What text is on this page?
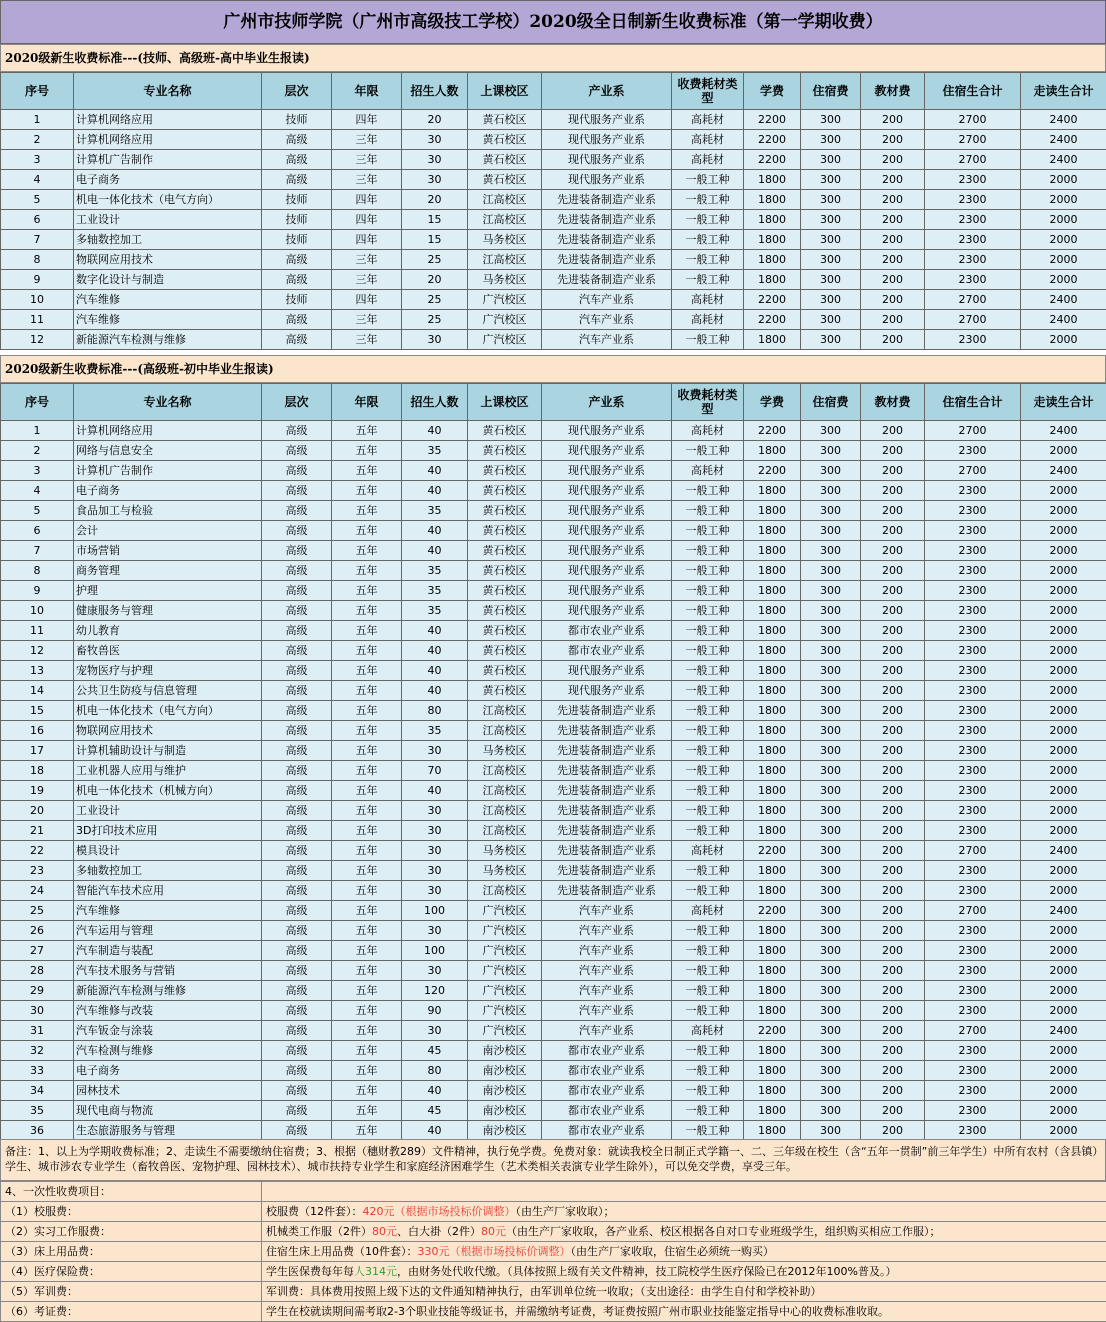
广州市技师学院（广州市高级技工学校）2020级全日制新生收费标准（第一学期收费）
2020级新生收费标准---(技师、高级班-高中毕业生报读)
序号	专业名称	层次	年限	招生人数	上课校区	产业系	收费耗材类型	学费	住宿费	教材费	住宿生合计	走读生合计
1	计算机网络应用	技师	四年	20	黄石校区	现代服务产业系	高耗材	2200	300	200	2700	2400
2	计算机网络应用	高级	三年	30	黄石校区	现代服务产业系	高耗材	2200	300	200	2700	2400
3	计算机广告制作	高级	三年	30	黄石校区	现代服务产业系	高耗材	2200	300	200	2700	2400
4	电子商务	高级	三年	30	黄石校区	现代服务产业系	一般工种	1800	300	200	2300	2000
5	机电一体化技术（电气方向）	技师	四年	20	江高校区	先进装备制造产业系	一般工种	1800	300	200	2300	2000
6	工业设计	技师	四年	15	江高校区	先进装备制造产业系	一般工种	1800	300	200	2300	2000
7	多轴数控加工	技师	四年	15	马务校区	先进装备制造产业系	一般工种	1800	300	200	2300	2000
8	物联网应用技术	高级	三年	25	江高校区	先进装备制造产业系	一般工种	1800	300	200	2300	2000
9	数字化设计与制造	高级	三年	20	马务校区	先进装备制造产业系	一般工种	1800	300	200	2300	2000
10	汽车维修	技师	四年	25	广汽校区	汽车产业系	高耗材	2200	300	200	2700	2400
11	汽车维修	高级	三年	25	广汽校区	汽车产业系	高耗材	2200	300	200	2700	2400
12	新能源汽车检测与维修	高级	三年	30	广汽校区	汽车产业系	一般工种	1800	300	200	2300	2000
2020级新生收费标准---(高级班-初中毕业生报读)
序号	专业名称	层次	年限	招生人数	上课校区	产业系	收费耗材类型	学费	住宿费	教材费	住宿生合计	走读生合计
1	计算机网络应用	高级	五年	40	黄石校区	现代服务产业系	高耗材	2200	300	200	2700	2400
2	网络与信息安全	高级	五年	35	黄石校区	现代服务产业系	一般工种	1800	300	200	2300	2000
3	计算机广告制作	高级	五年	40	黄石校区	现代服务产业系	高耗材	2200	300	200	2700	2400
4	电子商务	高级	五年	40	黄石校区	现代服务产业系	一般工种	1800	300	200	2300	2000
5	食品加工与检验	高级	五年	35	黄石校区	现代服务产业系	一般工种	1800	300	200	2300	2000
6	会计	高级	五年	40	黄石校区	现代服务产业系	一般工种	1800	300	200	2300	2000
7	市场营销	高级	五年	40	黄石校区	现代服务产业系	一般工种	1800	300	200	2300	2000
8	商务管理	高级	五年	35	黄石校区	现代服务产业系	一般工种	1800	300	200	2300	2000
9	护理	高级	五年	35	黄石校区	现代服务产业系	一般工种	1800	300	200	2300	2000
10	健康服务与管理	高级	五年	35	黄石校区	现代服务产业系	一般工种	1800	300	200	2300	2000
11	幼儿教育	高级	五年	40	黄石校区	都市农业产业系	一般工种	1800	300	200	2300	2000
12	畜牧兽医	高级	五年	40	黄石校区	都市农业产业系	一般工种	1800	300	200	2300	2000
13	宠物医疗与护理	高级	五年	40	黄石校区	现代服务产业系	一般工种	1800	300	200	2300	2000
14	公共卫生防疫与信息管理	高级	五年	40	黄石校区	现代服务产业系	一般工种	1800	300	200	2300	2000
15	机电一体化技术（电气方向）	高级	五年	80	江高校区	先进装备制造产业系	一般工种	1800	300	200	2300	2000
16	物联网应用技术	高级	五年	35	江高校区	先进装备制造产业系	一般工种	1800	300	200	2300	2000
17	计算机辅助设计与制造	高级	五年	30	马务校区	先进装备制造产业系	一般工种	1800	300	200	2300	2000
18	工业机器人应用与维护	高级	五年	70	江高校区	先进装备制造产业系	一般工种	1800	300	200	2300	2000
19	机电一体化技术（机械方向）	高级	五年	40	江高校区	先进装备制造产业系	一般工种	1800	300	200	2300	2000
20	工业设计	高级	五年	30	江高校区	先进装备制造产业系	一般工种	1800	300	200	2300	2000
21	3D打印技术应用	高级	五年	30	江高校区	先进装备制造产业系	一般工种	1800	300	200	2300	2000
22	模具设计	高级	五年	30	马务校区	先进装备制造产业系	高耗材	2200	300	200	2700	2400
23	多轴数控加工	高级	五年	30	马务校区	先进装备制造产业系	一般工种	1800	300	200	2300	2000
24	智能汽车技术应用	高级	五年	30	江高校区	先进装备制造产业系	一般工种	1800	300	200	2300	2000
25	汽车维修	高级	五年	100	广汽校区	汽车产业系	高耗材	2200	300	200	2700	2400
26	汽车运用与管理	高级	五年	30	广汽校区	汽车产业系	一般工种	1800	300	200	2300	2000
27	汽车制造与装配	高级	五年	100	广汽校区	汽车产业系	一般工种	1800	300	200	2300	2000
28	汽车技术服务与营销	高级	五年	30	广汽校区	汽车产业系	一般工种	1800	300	200	2300	2000
29	新能源汽车检测与维修	高级	五年	120	广汽校区	汽车产业系	一般工种	1800	300	200	2300	2000
30	汽车维修与改装	高级	五年	90	广汽校区	汽车产业系	一般工种	1800	300	200	2300	2000
31	汽车钣金与涂装	高级	五年	30	广汽校区	汽车产业系	高耗材	2200	300	200	2700	2400
32	汽车检测与维修	高级	五年	45	南沙校区	都市农业产业系	一般工种	1800	300	200	2300	2000
33	电子商务	高级	五年	80	南沙校区	都市农业产业系	一般工种	1800	300	200	2300	2000
34	园林技术	高级	五年	40	南沙校区	都市农业产业系	一般工种	1800	300	200	2300	2000
35	现代电商与物流	高级	五年	45	南沙校区	都市农业产业系	一般工种	1800	300	200	2300	2000
36	生态旅游服务与管理	高级	五年	40	南沙校区	都市农业产业系	一般工种	1800	300	200	2300	2000
备注：1、以上为学期收费标准；2、走读生不需要缴纳住宿费；3、根据（穗财教289）文件精神，执行免学费。免费对象：就读我校全日制正式学籍一、二、三年级在校生（含“五年一贯制”前三年学生）中所有农村（含县镇）学生、城市涉农专业学生（畜牧兽医、宠物护理、园林技术）、城市扶持专业学生和家庭经济困难学生（艺术类相关表演专业学生除外），可以免交学费，享受三年。
4、一次性收费项目：	
（1）校服费：	校服费（12件套）：420元（根据市场投标价调整）（由生产厂家收取）；
（2）实习工作服费：	机械类工作服（2件）80元、白大褂（2件）80元（由生产厂家收取，各产业系、校区根据各自对口专业班级学生，组织购买相应工作服）；
（3）床上用品费：	住宿生床上用品费（10件套）：330元（根据市场投标价调整）（由生产厂家收取，住宿生必须统一购买）
（4）医疗保险费：	学生医保费每年每人314元，由财务处代收代缴。（具体按照上级有关文件精神，技工院校学生医疗保险已在2012年100%普及。）
（5）军训费：	军训费：具体费用按照上级下达的文件通知精神执行，由军训单位统一收取；（支出途径：由学生自付和学校补助）
（6）考证费：	学生在校就读期间需考取2-3个职业技能等级证书，并需缴纳考证费，考证费按照广州市职业技能鉴定指导中心的收费标准收取。
